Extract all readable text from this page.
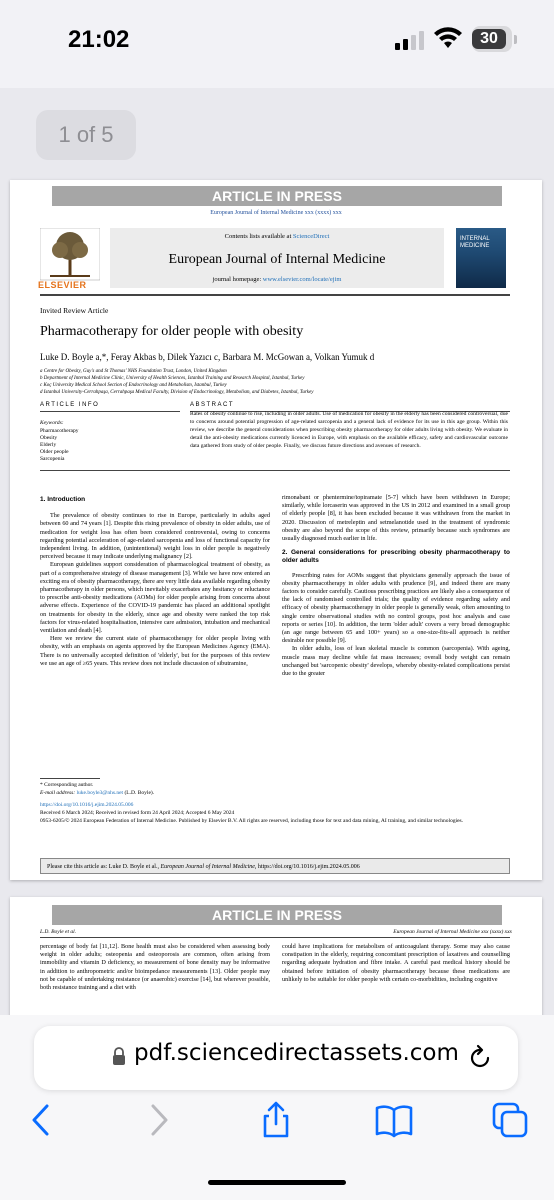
21:02	30
1 of 5
ARTICLE IN PRESS
European Journal of Internal Medicine xxx (xxxx) xxx
ELSEVIER
Contents lists available at ScienceDirect
European Journal of Internal Medicine
journal homepage: www.elsevier.com/locate/ejim
INTERNAL MEDICINE
Invited Review Article
Pharmacotherapy for older people with obesity
Luke D. Boyle a,*, Feray Akbas b, Dilek Yazıcı c, Barbara M. McGowan a, Volkan Yumuk d
a Centre for Obesity, Guy's and St Thomas' NHS Foundation Trust, London, United Kingdom
b Department of Internal Medicine Clinic, University of Health Sciences, Istanbul Training and Research Hospital, Istanbul, Turkey
c Koç University Medical School Section of Endocrinology and Metabolism, Istanbul, Turkey
d Istanbul University-Cerrahpaşa, Cerrahpaşa Medical Faculty, Division of Endocrinology, Metabolism, and Diabetes, Istanbul, Turkey
ARTICLE INFO	ABSTRACT
Keywords:
Pharmacotherapy
Obesity
Elderly
Older people
Sarcopenia
Rates of obesity continue to rise, including in older adults. Use of medication for obesity in the elderly has been considered controversial, due to concerns around potential progression of age-related sarcopenia and a general lack of evidence for its use in this age group. Within this review, we describe the general considerations when prescribing obesity pharmacotherapy for older adults living with obesity. We evaluate in detail the anti-obesity medications currently licenced in Europe, with emphasis on the available efficacy, safety and cardiovascular outcome data gathered from study of older people. Finally, we discuss future directions and avenues of research.
1. Introduction
The prevalence of obesity continues to rise in Europe, particularly in adults aged between 60 and 74 years [1]. Despite this rising prevalence of obesity in older adults, use of medication for weight loss has often been considered controversial, owing to concerns regarding potential acceleration of age-related sarcopenia and loss of functional capacity for independent living. In addition, (unintentional) weight loss in older people is negatively perceived because it may indicate underlying malignancy [2].
European guidelines support consideration of pharmacological treatment of obesity, as part of a comprehensive strategy of disease management [3]. While we have now entered an exciting era of obesity pharmacotherapy, there are very little data available regarding obesity pharmacotherapy in older persons, which inevitably exacerbates any hesitancy or reluctance to prescribe anti-obesity medications (AOMs) for older people arising from concerns about adverse effects. Experience of the COVID-19 pandemic has placed an additional spotlight on treatments for obesity in the elderly, since age and obesity were ranked the top risk factors for virus-related hospitalisation, intensive care admission, intubation and mechanical ventilation and death [4].
Here we review the current state of pharmacotherapy for older people living with obesity, with an emphasis on agents approved by the European Medicines Agency (EMA). There is no universally accepted definition of 'elderly', but for the purposes of this review we use an age of ≥65 years. This review does not include discussion of sibutramine,
rimonabant or phentermine/topiramate [5-7] which have been withdrawn in Europe; similarly, while lorcaserin was approved in the US in 2012 and examined in a small group of elderly people [8], it has been excluded because it was withdrawn from the market in 2020. Discussion of metreleptin and setmelanotide used in the treatment of syndromic obesity are also beyond the scope of this review, primarily because such syndromes are usually diagnosed much earlier in life.
2. General considerations for prescribing obesity pharmacotherapy to older adults
Prescribing rates for AOMs suggest that physicians generally approach the issue of obesity pharmacotherapy in older adults with prudence [9], and indeed there are many factors to consider carefully. Cautious prescribing practices are likely also a consequence of the lack of randomised controlled trials; the quality of evidence regarding safety and efficacy of obesity pharmacotherapy in older people is generally weak, often amounting to single centre observational studies with no control groups, post hoc analysis and case reports or series [10]. In addition, the term 'older adult' covers a very broad demographic (an age range between 65 and 100+ years) so a one-size-fits-all approach is neither desirable nor possible [9].
In older adults, loss of lean skeletal muscle is common (sarcopenia). With ageing, muscle mass may decline while fat mass increases; overall body weight can remain unchanged but 'sarcopenic obesity' develops, whereby obesity-related complications persist due to the greater
* Corresponding author.
E-mail address: luke.boyle3@nhs.net (L.D. Boyle).
https://doi.org/10.1016/j.ejim.2024.05.006
Received 6 March 2024; Received in revised form 24 April 2024; Accepted 6 May 2024
0953-6205/© 2024 European Federation of Internal Medicine. Published by Elsevier B.V. All rights are reserved, including those for text and data mining, AI training, and similar technologies.
Please cite this article as: Luke D. Boyle et al., European Journal of Internal Medicine, https://doi.org/10.1016/j.ejim.2024.05.006
ARTICLE IN PRESS
L.D. Boyle et al.	European Journal of Internal Medicine xxx (xxxx) xxx
percentage of body fat [11,12]. Bone health must also be considered when assessing body weight in older adults; osteopenia and osteoporosis are common, often arising from immobility and vitamin D deficiency, so measurement of bone density may be informative in addition to anthropometric and/or bioimpedance measurements [13]. Older people may not be capable of undertaking resistance (or anaerobic) exercise [14], but wherever possible, both resistance training and a diet with
could have implications for metabolism of anticoagulant therapy. Some may also cause constipation in the elderly, requiring concomitant prescription of laxatives and counselling regarding adequate hydration and fibre intake. A careful past medical history should be obtained before initiation of obesity pharmacotherapy because these medications are unlikely to be suitable for older people with certain co-morbidities, including cognitive
pdf.sciencedirectassets.com
